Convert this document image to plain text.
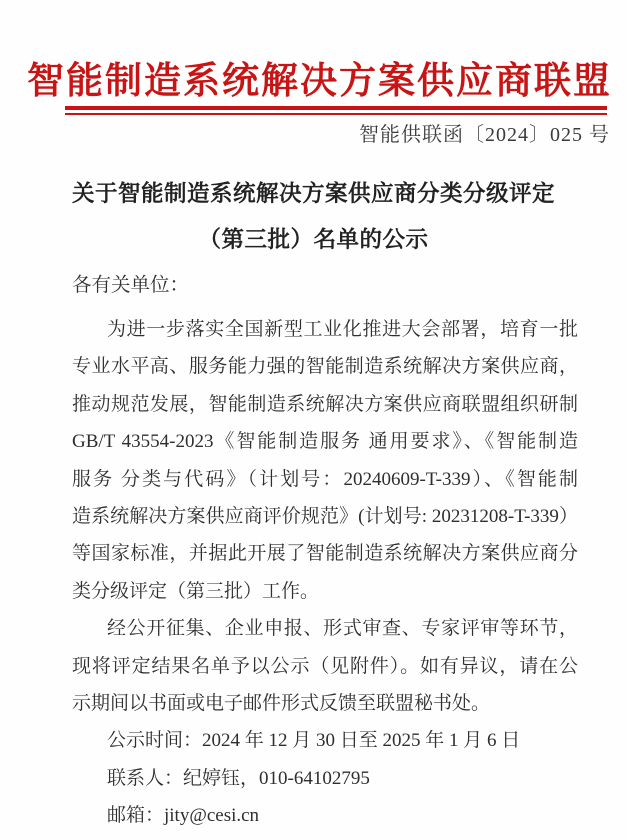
智能制造系统解决方案供应商联盟
智能供联函〔2024〕025 号
关于智能制造系统解决方案供应商分类分级评定
（第三批）名单的公示
各有关单位：
为进一步落实全国新型工业化推进大会部署，培育一批
专业水平高、服务能力强的智能制造系统解决方案供应商，
推动规范发展，智能制造系统解决方案供应商联盟组织研制
GB/T 43554-2023《智能制造服务 通用要求》、《智能制造
服务 分类与代码》（计划号：20240609-T-339）、《智能制
造系统解决方案供应商评价规范》(计划号: 20231208-T-339）
等国家标准，并据此开展了智能制造系统解决方案供应商分
类分级评定（第三批）工作。
经公开征集、企业申报、形式审查、专家评审等环节，
现将评定结果名单予以公示（见附件）。如有异议，请在公
示期间以书面或电子邮件形式反馈至联盟秘书处。
公示时间：2024 年 12 月 30 日至 2025 年 1 月 6 日
联系人：纪婷钰，010-64102795
邮箱：jity@cesi.cn
